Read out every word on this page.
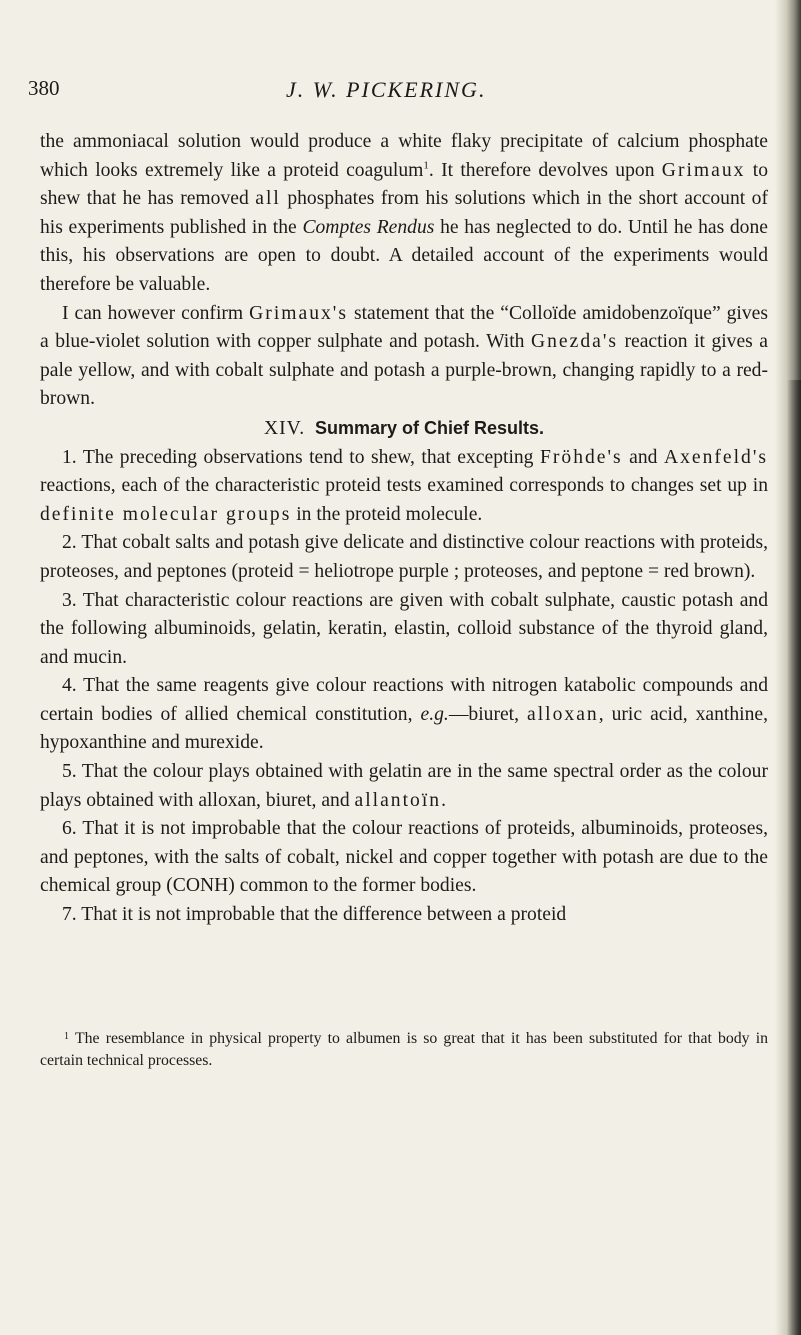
380	J. W. PICKERING.

the ammoniacal solution would produce a white flaky precipitate of calcium phosphate which looks extremely like a proteid coagulum$^1$. It therefore devolves upon Grimaux to shew that he has removed all phosphates from his solutions which in the short account of his experiments published in the Comptes Rendus he has neglected to do. Until he has done this, his observations are open to doubt. A detailed account of the experiments would therefore be valuable.

I can however confirm Grimaux's statement that the “Colloïde amidobenzoïque” gives a blue-violet solution with copper sulphate and potash. With Gnezda's reaction it gives a pale yellow, and with cobalt sulphate and potash a purple-brown, changing rapidly to a red-brown.

XIV. Summary of Chief Results.

1. The preceding observations tend to shew, that excepting Fröhde's and Axenfeld's reactions, each of the characteristic proteid tests examined corresponds to changes set up in definite molecular groups in the proteid molecule.

2. That cobalt salts and potash give delicate and distinctive colour reactions with proteids, proteoses, and peptones (proteid = heliotrope purple ; proteoses, and peptone = red brown).

3. That characteristic colour reactions are given with cobalt sulphate, caustic potash and the following albuminoids, gelatin, keratin, elastin, colloid substance of the thyroid gland, and mucin.

4. That the same reagents give colour reactions with nitrogen katabolic compounds and certain bodies of allied chemical constitution, e.g.—biuret, alloxan, uric acid, xanthine, hypoxanthine and murexide.

5. That the colour plays obtained with gelatin are in the same spectral order as the colour plays obtained with alloxan, biuret, and allantoïn.

6. That it is not improbable that the colour reactions of proteids, albuminoids, proteoses, and peptones, with the salts of cobalt, nickel and copper together with potash are due to the chemical group (CONH) common to the former bodies.

7. That it is not improbable that the difference between a proteid

$^1$ The resemblance in physical property to albumen is so great that it has been substituted for that body in certain technical processes.
